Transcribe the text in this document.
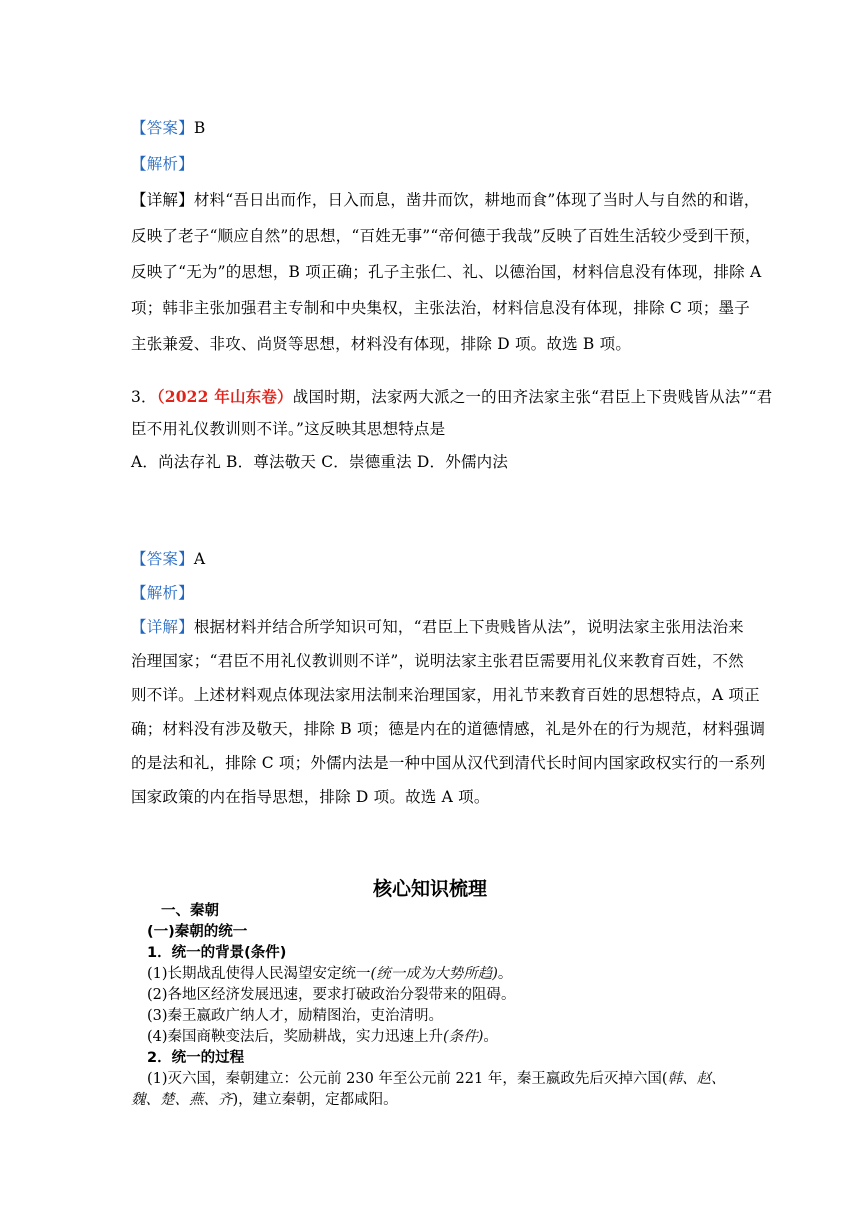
【答案】B
【解析】
【详解】材料“吾日出而作，日入而息，凿井而饮，耕地而食”体现了当时人与自然的和谐，
反映了老子“顺应自然”的思想，“百姓无事”“帝何德于我哉”反映了百姓生活较少受到干预，
反映了“无为”的思想，B 项正确；孔子主张仁、礼、以德治国，材料信息没有体现，排除 A
项；韩非主张加强君主专制和中央集权，主张法治，材料信息没有体现，排除 C 项；墨子
主张兼爱、非攻、尚贤等思想，材料没有体现，排除 D 项。故选 B 项。
3．（2022 年山东卷）战国时期，法家两大派之一的田齐法家主张“君臣上下贵贱皆从法”“君
臣不用礼仪教训则不详。”这反映其思想特点是
A．尚法存礼 B．尊法敬天 C．崇德重法 D．外儒内法
【答案】A
【解析】
【详解】根据材料并结合所学知识可知，“君臣上下贵贱皆从法”，说明法家主张用法治来
治理国家；“君臣不用礼仪教训则不详”，说明法家主张君臣需要用礼仪来教育百姓，不然
则不详。上述材料观点体现法家用法制来治理国家，用礼节来教育百姓的思想特点，A 项正
确；材料没有涉及敬天，排除 B 项；德是内在的道德情感，礼是外在的行为规范，材料强调
的是法和礼，排除 C 项；外儒内法是一种中国从汉代到清代长时间内国家政权实行的一系列
国家政策的内在指导思想，排除 D 项。故选 A 项。
核心知识梳理
一、秦朝
(一)秦朝的统一
1．统一的背景(条件)
(1)长期战乱使得人民渴望安定统一(统一成为大势所趋)。
(2)各地区经济发展迅速，要求打破政治分裂带来的阻碍。
(3)秦王嬴政广纳人才，励精图治，吏治清明。
(4)秦国商鞅变法后，奖励耕战，实力迅速上升(条件)。
2．统一的过程
(1)灭六国，秦朝建立：公元前 230 年至公元前 221 年，秦王嬴政先后灭掉六国(韩、赵、
魏、楚、燕、齐)，建立秦朝，定都咸阳。
